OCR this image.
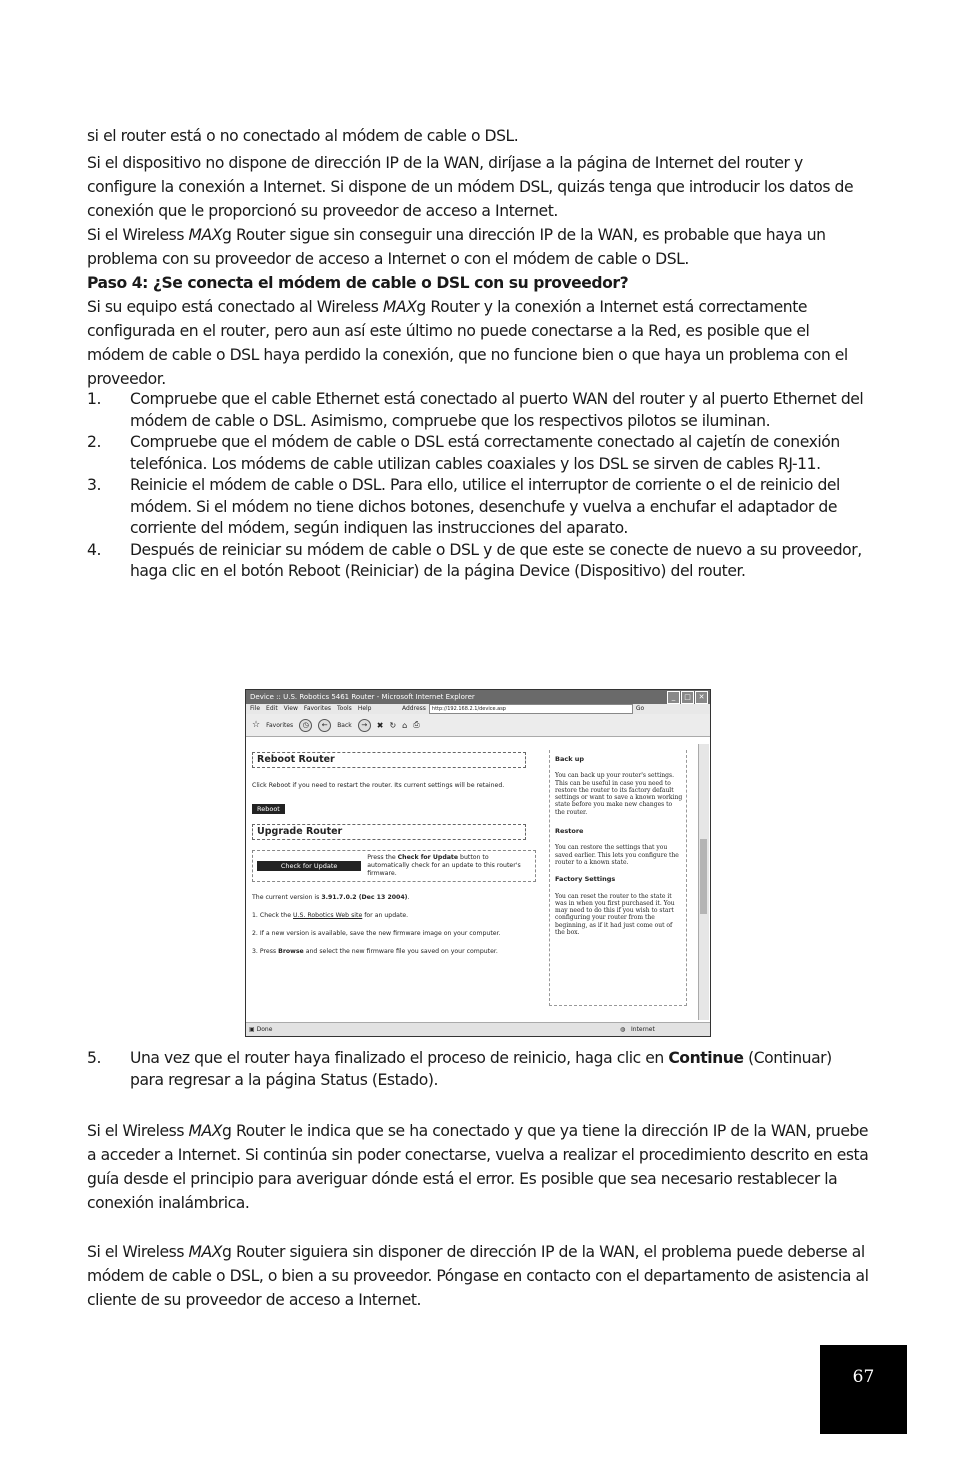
si el router está o no conectado al módem de cable o DSL.

Si el dispositivo no dispone de dirección IP de la WAN, diríjase a la página de Internet del router y configure la conexión a Internet. Si dispone de un módem DSL, quizás tenga que introducir los datos de conexión que le proporcionó su proveedor de acceso a Internet.

Si el Wireless MAXg Router sigue sin conseguir una dirección IP de la WAN, es probable que haya un problema con su proveedor de acceso a Internet o con el módem de cable o DSL.

Paso 4: ¿Se conecta el módem de cable o DSL con su proveedor?

Si su equipo está conectado al Wireless MAXg Router y la conexión a Internet está correctamente configurada en el router, pero aun así este último no puede conectarse a la Red, es posible que el módem de cable o DSL haya perdido la conexión, que no funcione bien o que haya un problema con el proveedor.

1. Compruebe que el cable Ethernet está conectado al puerto WAN del router y al puerto Ethernet del módem de cable o DSL. Asimismo, compruebe que los respectivos pilotos se iluminan.
2. Compruebe que el módem de cable o DSL está correctamente conectado al cajetín de conexión telefónica. Los módems de cable utilizan cables coaxiales y los DSL se sirven de cables RJ-11.
3. Reinicie el módem de cable o DSL. Para ello, utilice el interruptor de corriente o el de reinicio del módem. Si el módem no tiene dichos botones, desenchufe y vuelva a enchufar el adaptador de corriente del módem, según indiquen las instrucciones del aparato.
4. Después de reiniciar su módem de cable o DSL y de que este se conecte de nuevo a su proveedor, haga clic en el botón Reboot (Reiniciar) de la página Device (Dispositivo) del router.
Device :: U.S. Robotics 5461 Router - Microsoft Internet Explorer	_	□	✕
File Edit View Favorites Tools Help	Address	http://192.168.2.1/device.asp	Go
☆ Favorites	◷	←	Back	→	✖ ↻ ⌂ ⎙
Reboot Router
Click Reboot if you need to restart the router. Its current settings will be retained.
Reboot
Upgrade Router
Check for Update
Press the Check for Update button to automatically check for an update to this router's firmware.
The current version is 3.91.7.0.2 (Dec 13 2004).
1. Check the U.S. Robotics Web site for an update.
2. If a new version is available, save the new firmware image on your computer.
3. Press Browse and select the new firmware file you saved on your computer.
Back up
You can back up your router's settings. This can be useful in case you need to restore the router to its factory default settings or want to save a known working state before you make new changes to the router.
Restore
You can restore the settings that you saved earlier. This lets you configure the router to a known state.
Factory Settings
You can reset the router to the state it was in when you first purchased it. You may need to do this if you wish to start configuring your router from the beginning, as if it had just come out of the box.
▣ Done	◍ Internet
5. Una vez que el router haya finalizado el proceso de reinicio, haga clic en Continue (Continuar) para regresar a la página Status (Estado).

Si el Wireless MAXg Router le indica que se ha conectado y que ya tiene la dirección IP de la WAN, pruebe a acceder a Internet. Si continúa sin poder conectarse, vuelva a realizar el procedimiento descrito en esta guía desde el principio para averiguar dónde está el error. Es posible que sea necesario restablecer la conexión inalámbrica.

Si el Wireless MAXg Router siguiera sin disponer de dirección IP de la WAN, el problema puede deberse al módem de cable o DSL, o bien a su proveedor. Póngase en contacto con el departamento de asistencia al cliente de su proveedor de acceso a Internet.

67
